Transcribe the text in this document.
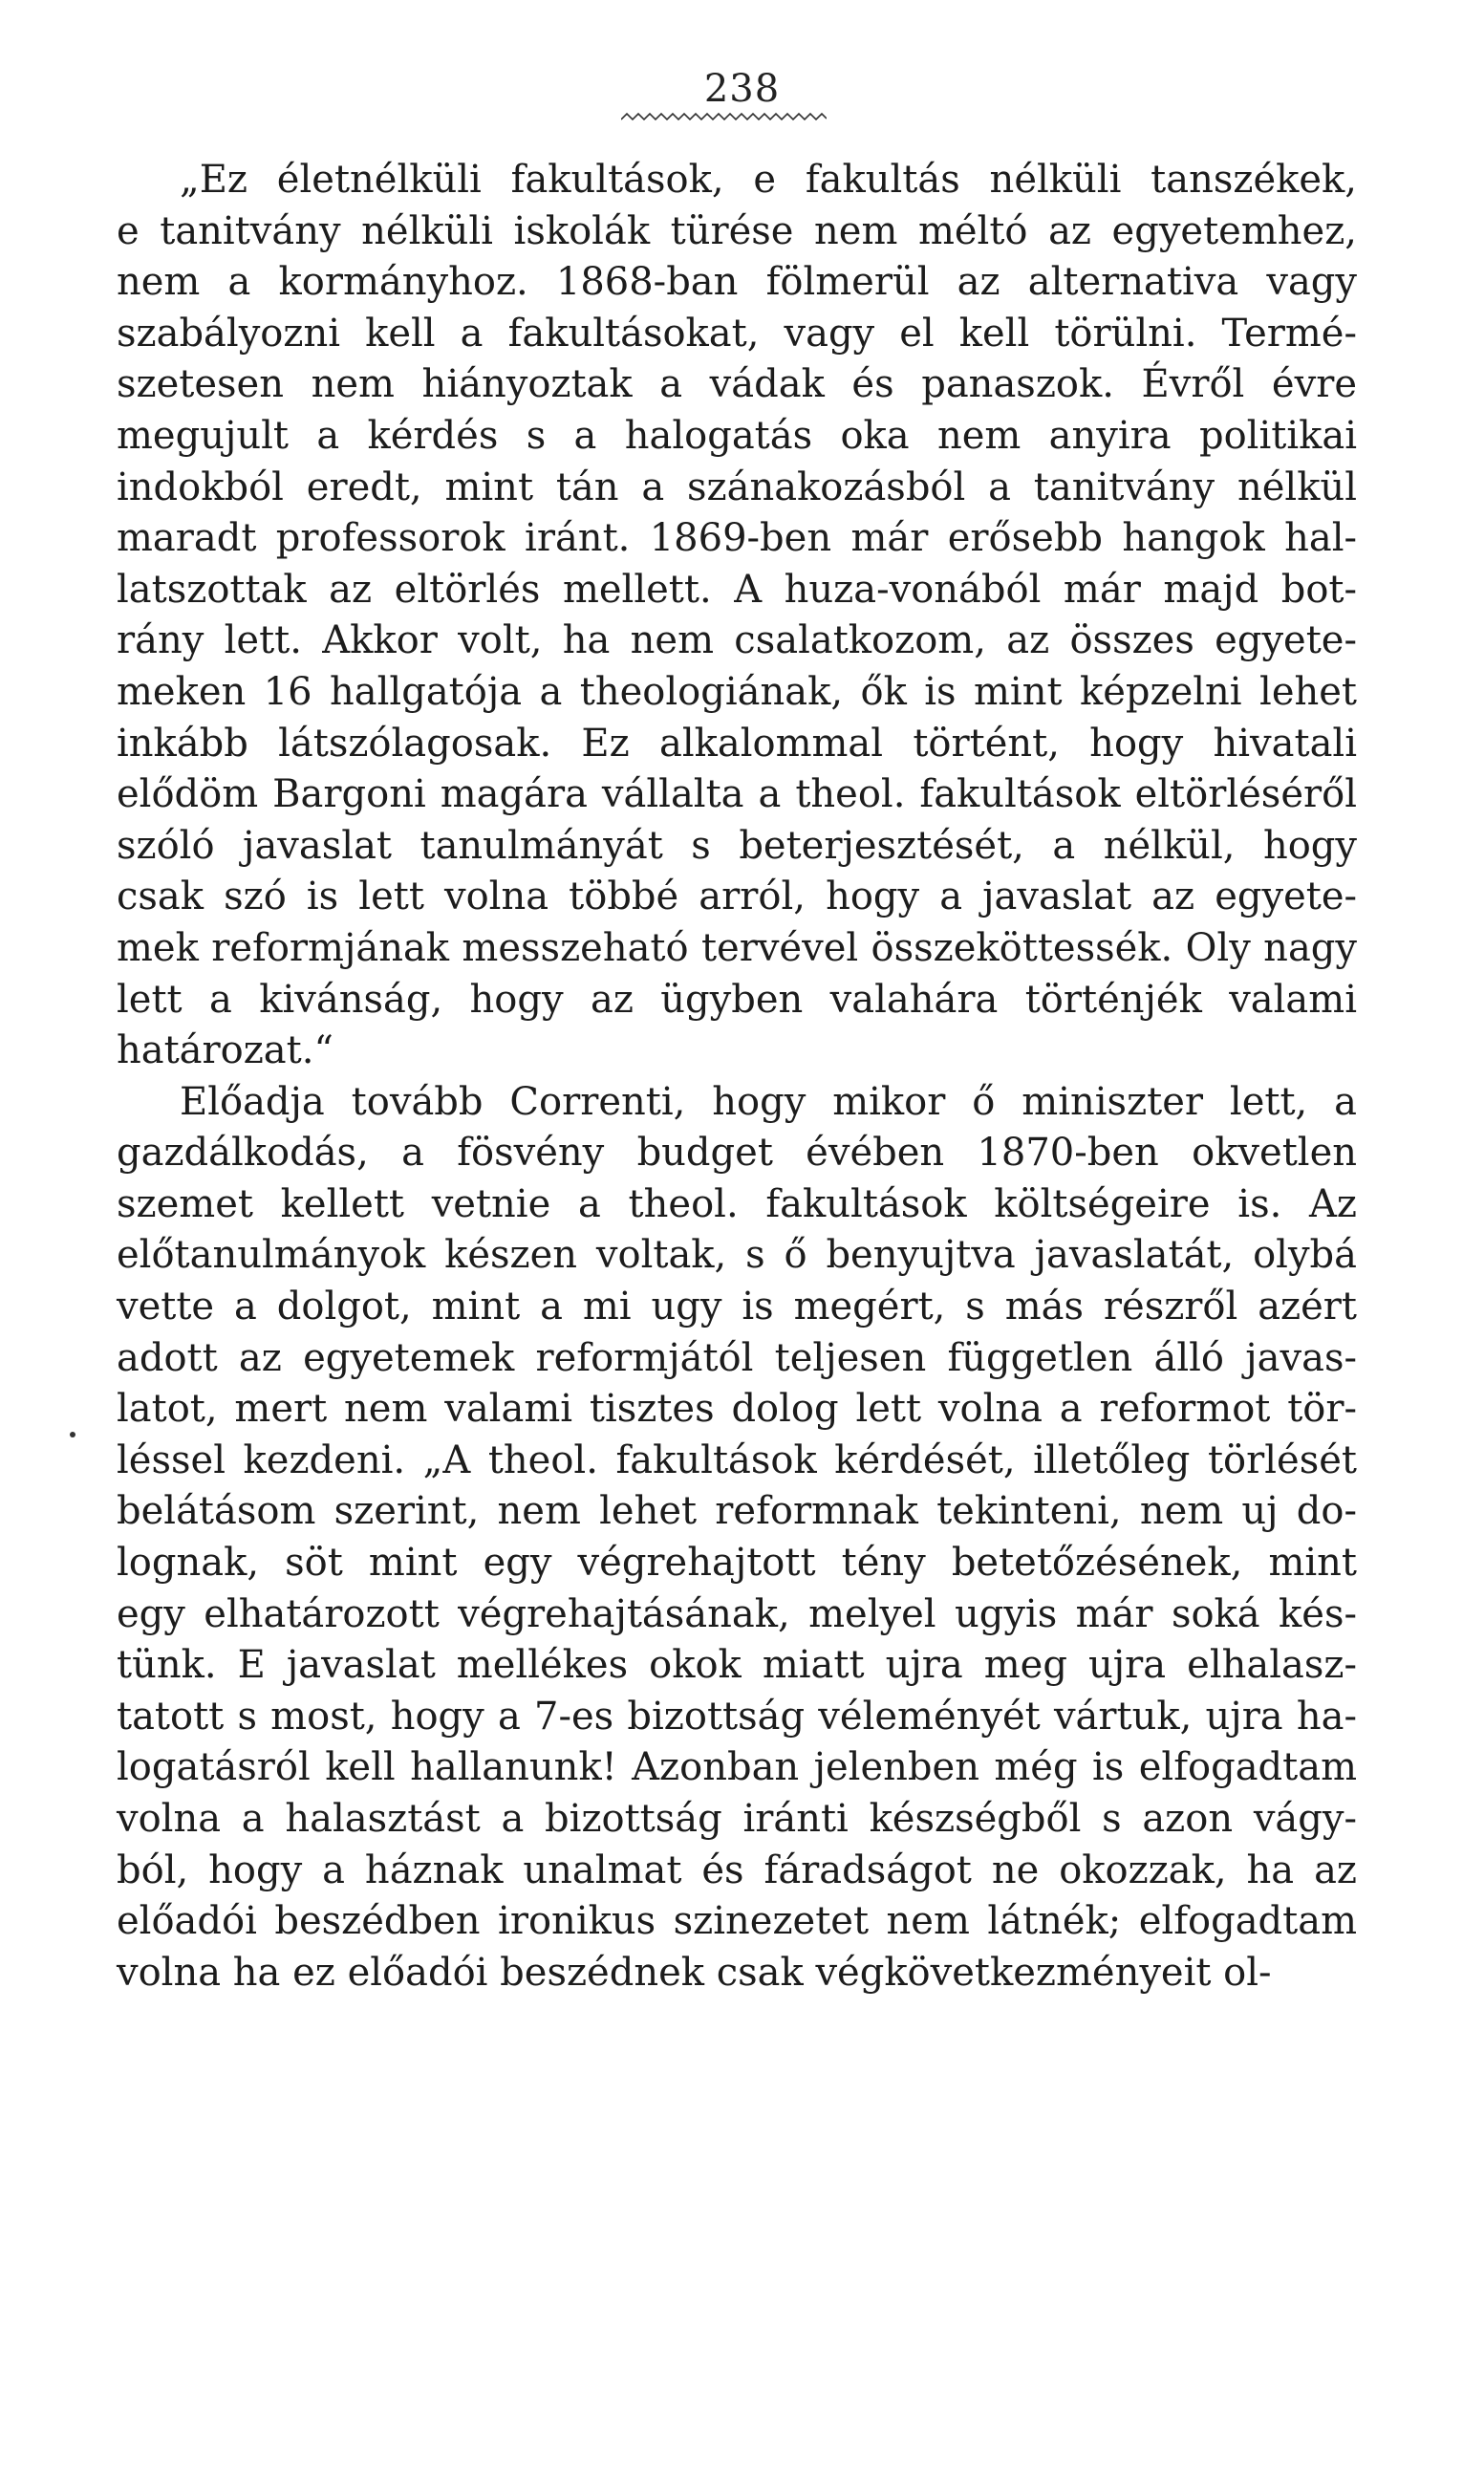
238
„Ez életnélküli fakultások, e fakultás nélküli tanszékek,
e tanitvány nélküli iskolák türése nem méltó az egyetemhez,
nem a kormányhoz. 1868-ban fölmerül az alternativa vagy
szabályozni kell a fakultásokat, vagy el kell törülni. Termé-
szetesen nem hiányoztak a vádak és panaszok. Évről évre
megujult a kérdés s a halogatás oka nem anyira politikai
indokból eredt, mint tán a szánakozásból a tanitvány nélkül
maradt professorok iránt. 1869-ben már erősebb hangok hal-
latszottak az eltörlés mellett. A huza-vonából már majd bot-
rány lett. Akkor volt, ha nem csalatkozom, az összes egyete-
meken 16 hallgatója a theologiának, ők is mint képzelni lehet
inkább látszólagosak. Ez alkalommal történt, hogy hivatali
elődöm Bargoni magára vállalta a theol. fakultások eltörléséről
szóló javaslat tanulmányát s beterjesztését, a nélkül, hogy
csak szó is lett volna többé arról, hogy a javaslat az egyete-
mek reformjának messzeható tervével összeköttessék. Oly nagy
lett a kivánság, hogy az ügyben valahára történjék valami
határozat.“
Előadja tovább Correnti, hogy mikor ő miniszter lett, a
gazdálkodás, a fösvény budget évében 1870-ben okvetlen
szemet kellett vetnie a theol. fakultások költségeire is. Az
előtanulmányok készen voltak, s ő benyujtva javaslatát, olybá
vette a dolgot, mint a mi ugy is megért, s más részről azért
adott az egyetemek reformjától teljesen független álló javas-
latot, mert nem valami tisztes dolog lett volna a reformot tör-
léssel kezdeni. „A theol. fakultások kérdését, illetőleg törlését
belátásom szerint, nem lehet reformnak tekinteni, nem uj do-
lognak, söt mint egy végrehajtott tény betetőzésének, mint
egy elhatározott végrehajtásának, melyel ugyis már soká kés-
tünk. E javaslat mellékes okok miatt ujra meg ujra elhalasz-
tatott s most, hogy a 7-es bizottság véleményét vártuk, ujra ha-
logatásról kell hallanunk! Azonban jelenben még is elfogadtam
volna a halasztást a bizottság iránti készségből s azon vágy-
ból, hogy a háznak unalmat és fáradságot ne okozzak, ha az
előadói beszédben ironikus szinezetet nem látnék; elfogadtam
volna ha ez előadói beszédnek csak végkövetkezményeit ol-
